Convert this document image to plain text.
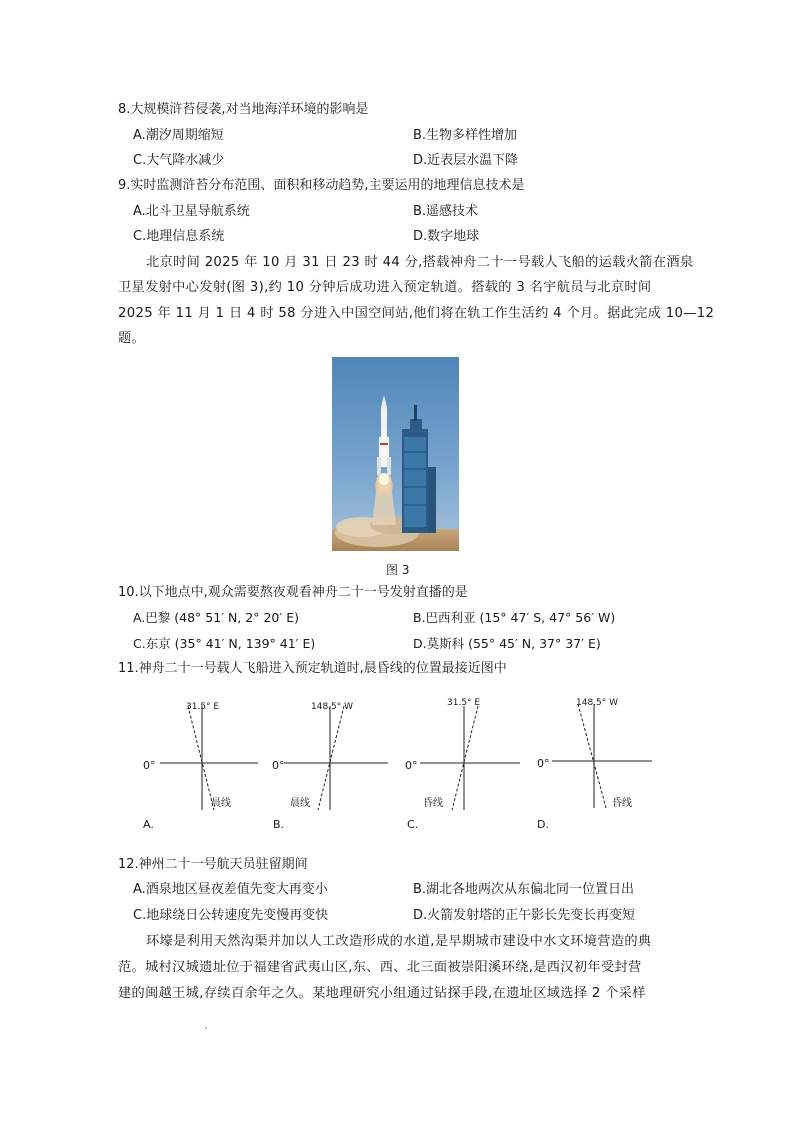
8.大规模浒苔侵袭,对当地海洋环境的影响是
A.潮汐周期缩短	B.生物多样性增加
C.大气降水减少	D.近表层水温下降
9.实时监测浒苔分布范围、面积和移动趋势,主要运用的地理信息技术是
A.北斗卫星导航系统	B.遥感技术
C.地理信息系统	D.数字地球
北京时间 2025 年 10 月 31 日 23 时 44 分,搭载神舟二十一号载人飞船的运载火箭在酒泉
卫星发射中心发射(图 3),约 10 分钟后成功进入预定轨道。搭载的 3 名宇航员与北京时间
2025 年 11 月 1 日 4 时 58 分进入中国空间站,他们将在轨工作生活约 4 个月。据此完成 10—12
题。
图 3
10.以下地点中,观众需要熬夜观看神舟二十一号发射直播的是
A.巴黎 (48° 51′ N, 2° 20′ E)	B.巴西利亚 (15° 47′ S, 47° 56′ W)
C.东京 (35° 41′ N, 139° 41′ E)	D.莫斯科 (55° 45′ N, 37° 37′ E)
11.神舟二十一号载人飞船进入预定轨道时,晨昏线的位置最接近图中
31.5° E
0°
晨线
A.
148.5° W
0°
晨线
B.
31.5° E
0°
昏线
C.
148.5° W
0°
昏线
D.
12.神州二十一号航天员驻留期间
A.酒泉地区昼夜差值先变大再变小	B.湖北各地两次从东偏北同一位置日出
C.地球绕日公转速度先变慢再变快	D.火箭发射塔的正午影长先变长再变短
环壕是利用天然沟渠并加以人工改造形成的水道,是早期城市建设中水文环境营造的典
范。城村汉城遗址位于福建省武夷山区,东、西、北三面被崇阳溪环绕,是西汉初年受封营
建的闽越王城,存续百余年之久。某地理研究小组通过钻探手段,在遗址区域选择 2 个采样
